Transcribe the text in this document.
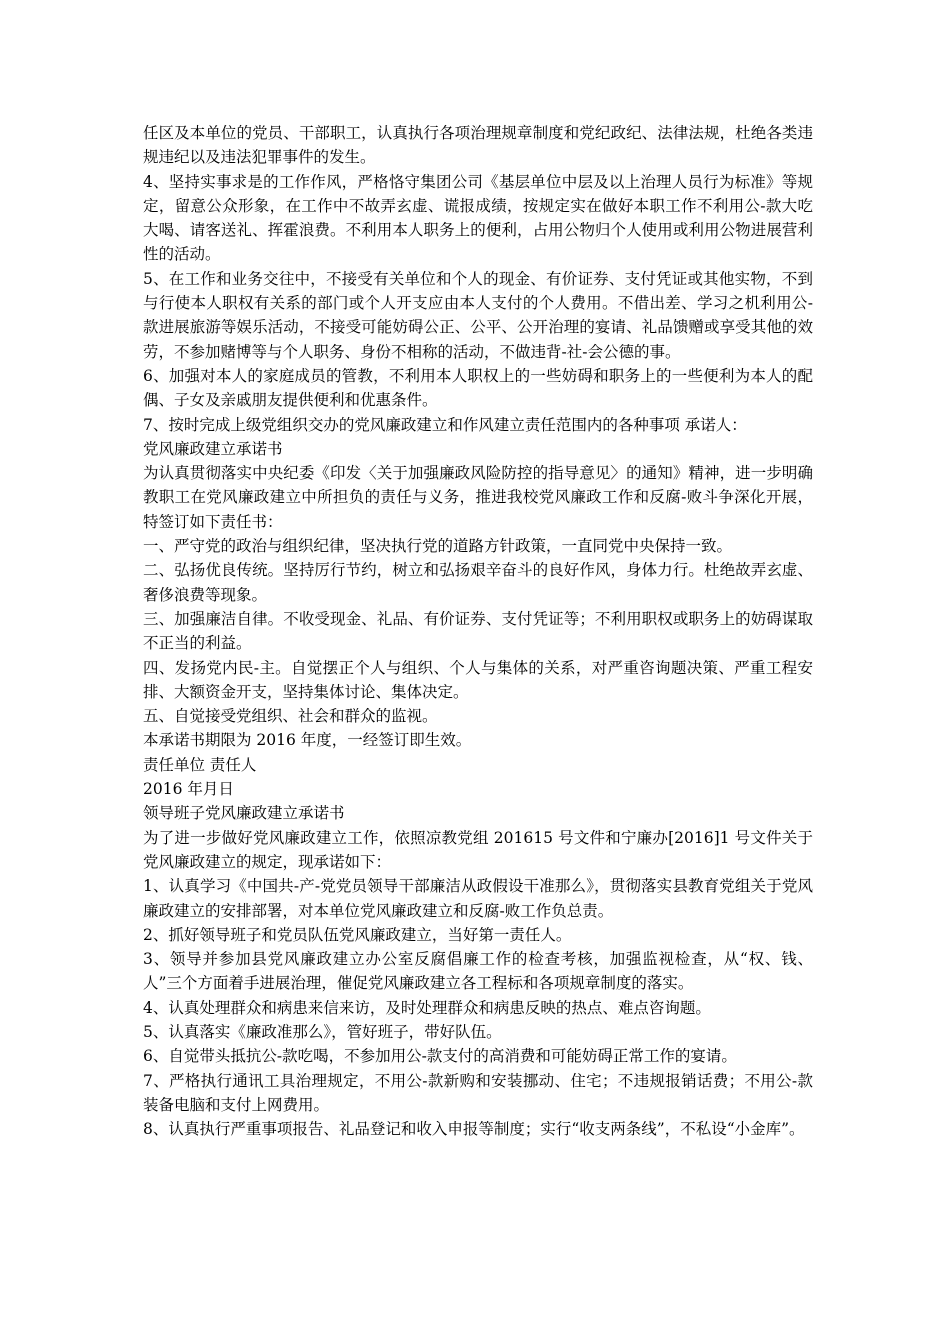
任区及本单位的党员、干部职工，认真执行各项治理规章制度和党纪政纪、法律法规，杜绝各类违规违纪以及违法犯罪事件的发生。

4、坚持实事求是的工作作风，严格恪守集团公司《基层单位中层及以上治理人员行为标准》等规定，留意公众形象，在工作中不故弄玄虚、谎报成绩，按规定实在做好本职工作不利用公-款大吃大喝、请客送礼、挥霍浪费。不利用本人职务上的便利，占用公物归个人使用或利用公物进展营利性的活动。

5、在工作和业务交往中，不接受有关单位和个人的现金、有价证券、支付凭证或其他实物，不到与行使本人职权有关系的部门或个人开支应由本人支付的个人费用。不借出差、学习之机利用公-款进展旅游等娱乐活动，不接受可能妨碍公正、公平、公开治理的宴请、礼品馈赠或享受其他的效劳，不参加赌博等与个人职务、身份不相称的活动，不做违背-社-会公德的事。

6、加强对本人的家庭成员的管教，不利用本人职权上的一些妨碍和职务上的一些便利为本人的配偶、子女及亲戚朋友提供便利和优惠条件。

7、按时完成上级党组织交办的党风廉政建立和作风建立责任范围内的各种事项 承诺人：

党风廉政建立承诺书

为认真贯彻落实中央纪委《印发〈关于加强廉政风险防控的指导意见〉的通知》精神，进一步明确教职工在党风廉政建立中所担负的责任与义务，推进我校党风廉政工作和反腐-败斗争深化开展，特签订如下责任书：

一、严守党的政治与组织纪律，坚决执行党的道路方针政策，一直同党中央保持一致。

二、弘扬优良传统。坚持厉行节约，树立和弘扬艰辛奋斗的良好作风，身体力行。杜绝故弄玄虚、奢侈浪费等现象。

三、加强廉洁自律。不收受现金、礼品、有价证券、支付凭证等；不利用职权或职务上的妨碍谋取不正当的利益。

四、发扬党内民-主。自觉摆正个人与组织、个人与集体的关系，对严重咨询题决策、严重工程安排、大额资金开支，坚持集体讨论、集体决定。

五、自觉接受党组织、社会和群众的监视。

本承诺书期限为 2016 年度，一经签订即生效。

责任单位 责任人

2016 年月日

领导班子党风廉政建立承诺书

为了进一步做好党风廉政建立工作，依照凉教党组 201615 号文件和宁廉办[2016]1 号文件关于党风廉政建立的规定，现承诺如下：

1、认真学习《中国共-产-党党员领导干部廉洁从政假设干准那么》，贯彻落实县教育党组关于党风廉政建立的安排部署，对本单位党风廉政建立和反腐-败工作负总责。

2、抓好领导班子和党员队伍党风廉政建立，当好第一责任人。

3、领导并参加县党风廉政建立办公室反腐倡廉工作的检查考核，加强监视检查，从“权、钱、人”三个方面着手进展治理，催促党风廉政建立各工程标和各项规章制度的落实。

4、认真处理群众和病患来信来访，及时处理群众和病患反映的热点、难点咨询题。

5、认真落实《廉政准那么》，管好班子，带好队伍。

6、自觉带头抵抗公-款吃喝，不参加用公-款支付的高消费和可能妨碍正常工作的宴请。

7、严格执行通讯工具治理规定，不用公-款新购和安装挪动、住宅；不违规报销话费；不用公-款装备电脑和支付上网费用。

8、认真执行严重事项报告、礼品登记和收入申报等制度；实行“收支两条线”，不私设“小金库”。
